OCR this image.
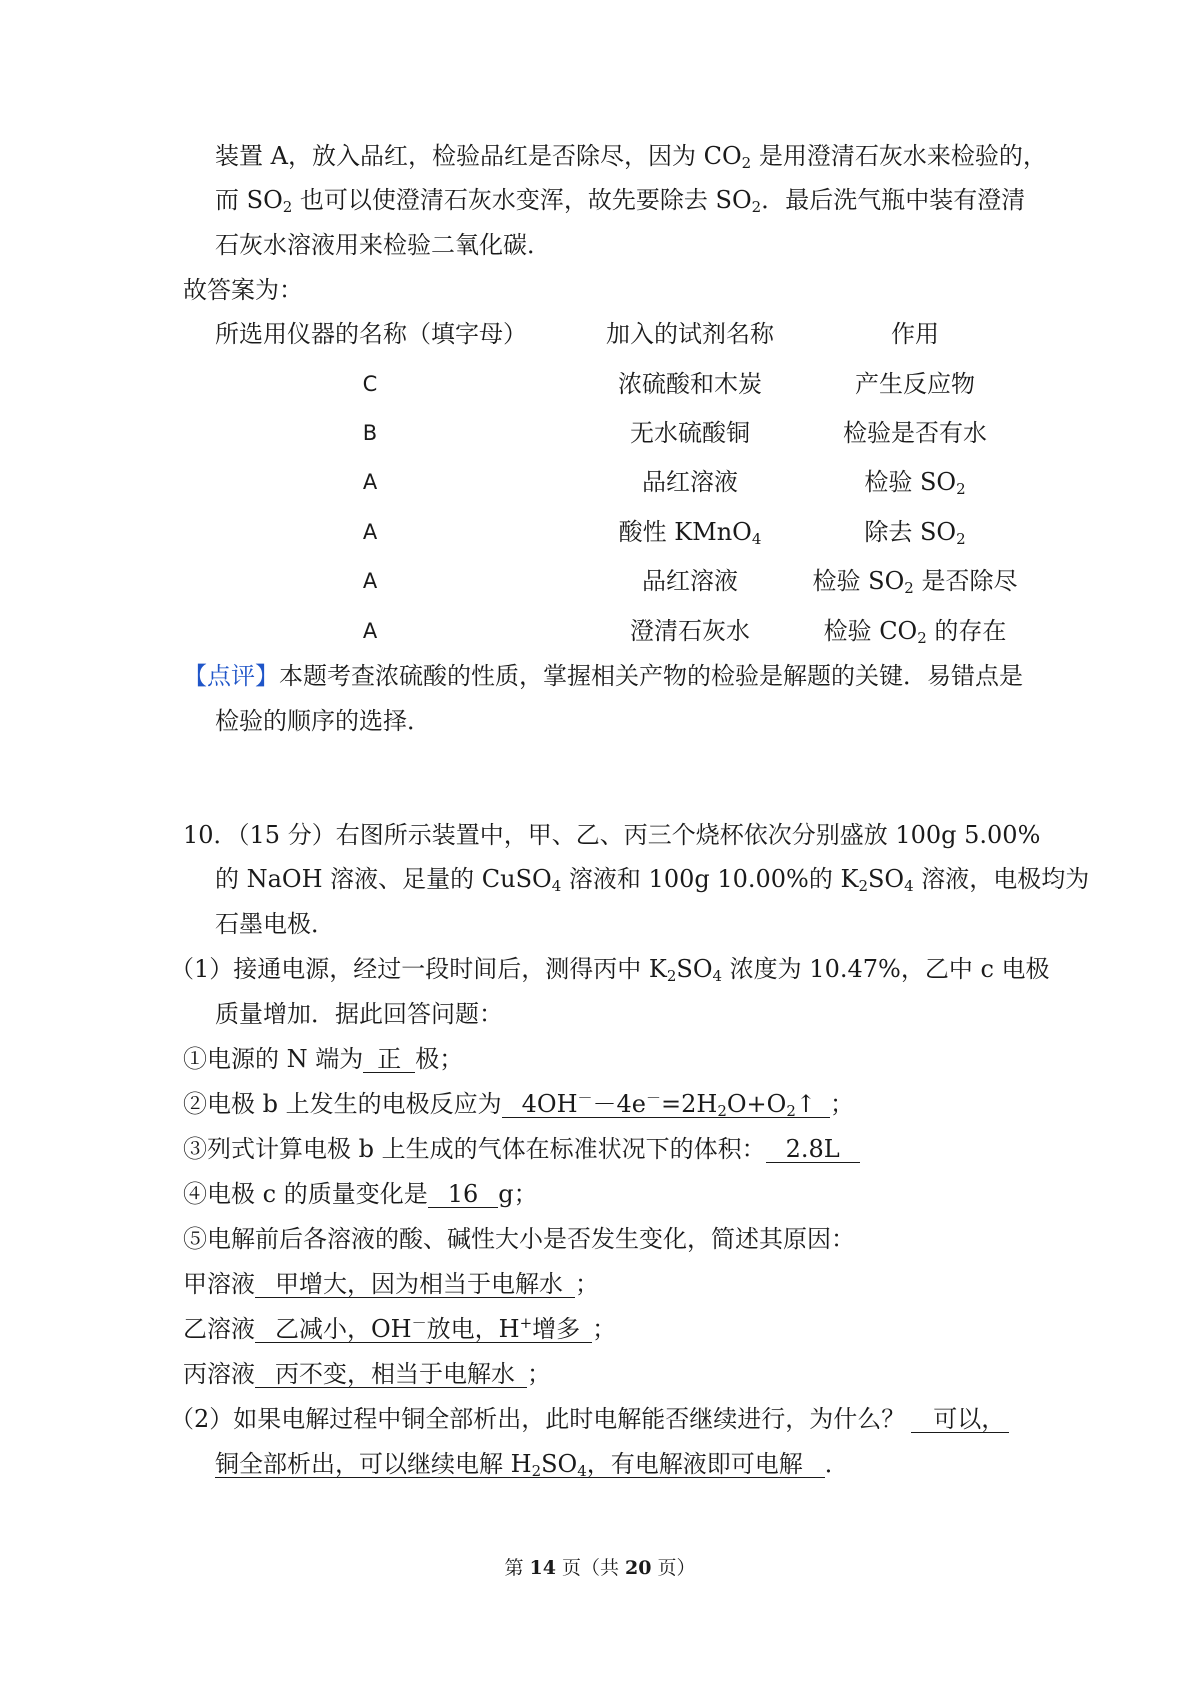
装置 A，放入品红，检验品红是否除尽，因为 $CO_2$ 是用澄清石灰水来检验的，
而 $SO_2$ 也可以使澄清石灰水变浑，故先要除去 $SO_2$．最后洗气瓶中装有澄清
石灰水溶液用来检验二氧化碳．
故答案为：
所选用仪器的名称（填字母）	加入的试剂名称	作用
C	浓硫酸和木炭	产生反应物
B	无水硫酸铜	检验是否有水
A	品红溶液	检验 $SO_2$
A	酸性 KMnO$_4$	除去 $SO_2$
A	品红溶液	检验 $SO_2$ 是否除尽
A	澄清石灰水	检验 $CO_2$ 的存在
【点评】本题考查浓硫酸的性质，掌握相关产物的检验是解题的关键．易错点是
检验的顺序的选择．
10．（15 分）右图所示装置中，甲、乙、丙三个烧杯依次分别盛放 100g 5.00%
的 NaOH 溶液、足量的 CuSO$_4$ 溶液和 100g 10.00%的 $K_2SO_4$ 溶液，电极均为
石墨电极．
（1）接通电源，经过一段时间后，测得丙中 $K_2SO_4$ 浓度为 10.47%，乙中 c 电极
质量增加．据此回答问题：
①电源的 N 端为 正 极；
②电极 b 上发生的电极反应为 $4OH^--4e^-=2H_2O+O_2↑$ ；
③列式计算电极 b 上生成的气体在标准状况下的体积： 2.8L
④电极 c 的质量变化是 16 g；
⑤电解前后各溶液的酸、碱性大小是否发生变化，简述其原因：
甲溶液 甲增大，因为相当于电解水 ；
乙溶液 乙减小，OH－放电，H+增多 ；
丙溶液 丙不变，相当于电解水 ；
（2）如果电解过程中铜全部析出，此时电解能否继续进行，为什么？ 可以，
铜全部析出，可以继续电解 $H_2SO_4$，有电解液即可电解 ．
第 14 页（共 20 页）
